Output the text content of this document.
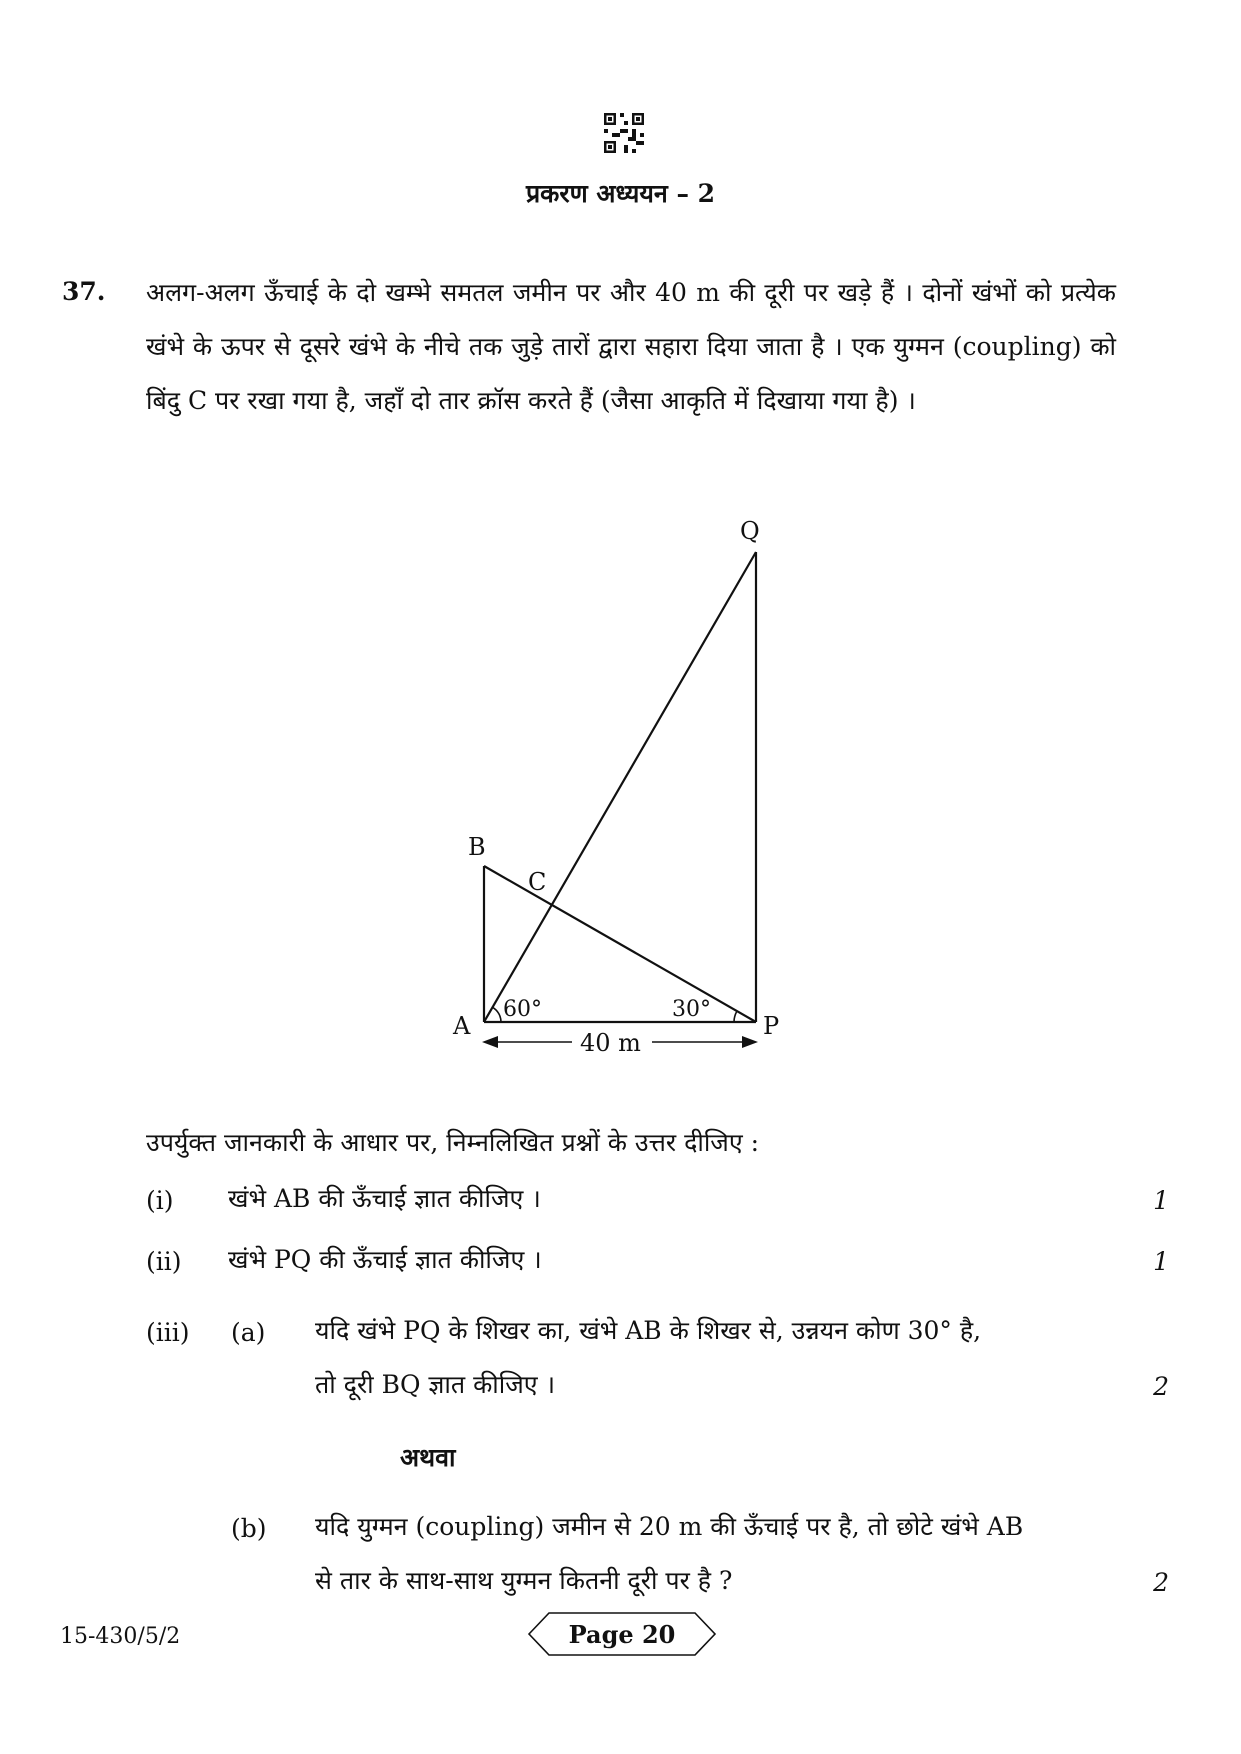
प्रकरण अध्ययन – 2
37. अलग-अलग ऊँचाई के दो खम्भे समतल जमीन पर और 40 m की दूरी पर खड़े हैं । दोनों खंभों को प्रत्येक खंभे के ऊपर से दूसरे खंभे के नीचे तक जुड़े तारों द्वारा सहारा दिया जाता है । एक युग्मन (coupling) को बिंदु C पर रखा गया है, जहाँ दो तार क्रॉस करते हैं (जैसा आकृति में दिखाया गया है) ।
Q
B
C
A	P
60°	30°
40 m
उपर्युक्त जानकारी के आधार पर, निम्नलिखित प्रश्नों के उत्तर दीजिए :
(i) खंभे AB की ऊँचाई ज्ञात कीजिए ।	1
(ii) खंभे PQ की ऊँचाई ज्ञात कीजिए ।	1
(iii) (a) यदि खंभे PQ के शिखर का, खंभे AB के शिखर से, उन्नयन कोण 30° है,
तो दूरी BQ ज्ञात कीजिए ।	2
अथवा
(b) यदि युग्मन (coupling) जमीन से 20 m की ऊँचाई पर है, तो छोटे खंभे AB
से तार के साथ-साथ युग्मन कितनी दूरी पर है ?	2
15-430/5/2	Page 20
